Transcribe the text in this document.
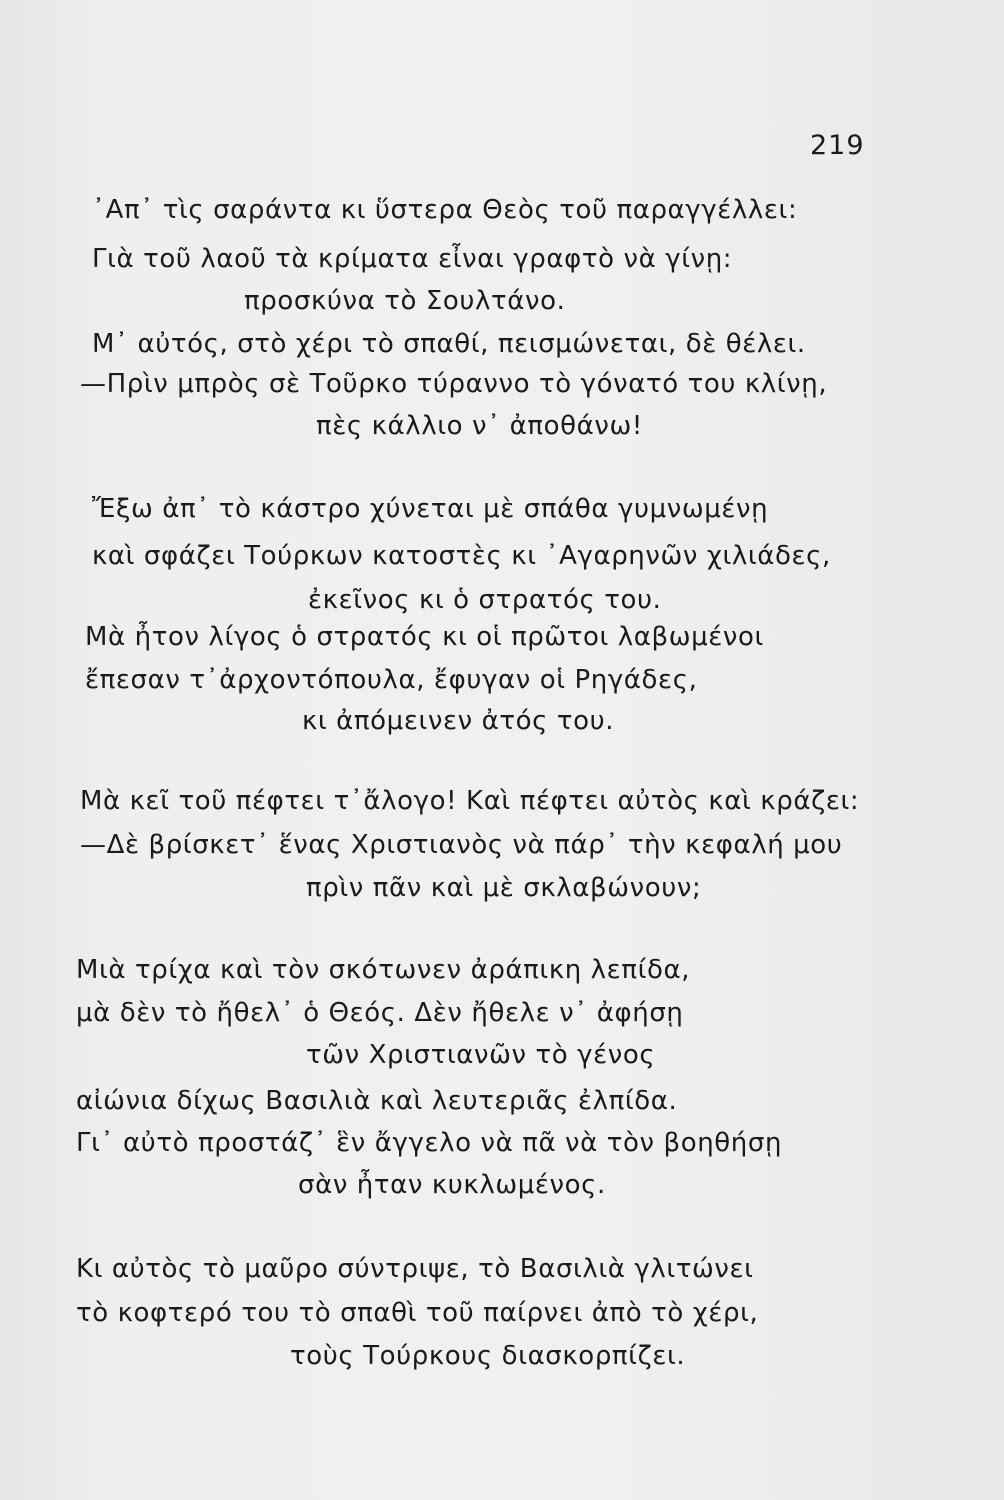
219
᾿Απ᾿ τὶς σαράντα κι ὕστερα Θεὸς τοῦ παραγγέλλει:
Γιὰ τοῦ λαοῦ τὰ κρίματα εἶναι γραφτὸ νὰ γίνῃ:
προσκύνα τὸ Σουλτάνο.
Μ᾿ αὐτός, στὸ χέρι τὸ σπαθί, πεισμώνεται, δὲ θέλει.
—Πρὶν μπρὸς σὲ Τοῦρκο τύραννο τὸ γόνατό του κλίνῃ,
πὲς κάλλιο ν᾿ ἀποθάνω!
Ἔξω ἀπ᾿ τὸ κάστρο χύνεται μὲ σπάθα γυμνωμένῃ
καὶ σφάζει Τούρκων κατοστὲς κι ᾿Αγαρηνῶν χιλιάδες,
ἐκεῖνος κι ὁ στρατός του.
Μὰ ἦτον λίγος ὁ στρατός κι οἱ πρῶτοι λαβωμένοι
ἔπεσαν τ᾿ἀρχοντόπουλα, ἔφυγαν οἱ Ρηγάδες,
κι ἀπόμεινεν ἀτός του.
Μὰ κεῖ τοῦ πέφτει τ᾿ἄλογο! Καὶ πέφτει αὐτὸς καὶ κράζει:
—Δὲ βρίσκετ᾿ ἕνας Χριστιανὸς νὰ πάρ᾿ τὴν κεφαλή μου
πρὶν πᾶν καὶ μὲ σκλαβώνουν;
Μιὰ τρίχα καὶ τὸν σκότωνεν ἀράπικη λεπίδα,
μὰ δὲν τὸ ἤθελ᾿ ὁ Θεός. Δὲν ἤθελε ν᾿ ἀφήσῃ
τῶν Χριστιανῶν τὸ γένος
αἰώνια δίχως Βασιλιὰ καὶ λευτεριᾶς ἐλπίδα.
Γι᾿ αὐτὸ προστάζ᾿ ἓν ἄγγελο νὰ πᾶ νὰ τὸν βοηθήσῃ
σὰν ἦταν κυκλωμένος.
Κι αὐτὸς τὸ μαῦρο σύντριψε, τὸ Βασιλιὰ γλιτώνει
τὸ κοφτερό του τὸ σπαθὶ τοῦ παίρνει ἀπὸ τὸ χέρι,
τοὺς Τούρκους διασκορπίζει.
